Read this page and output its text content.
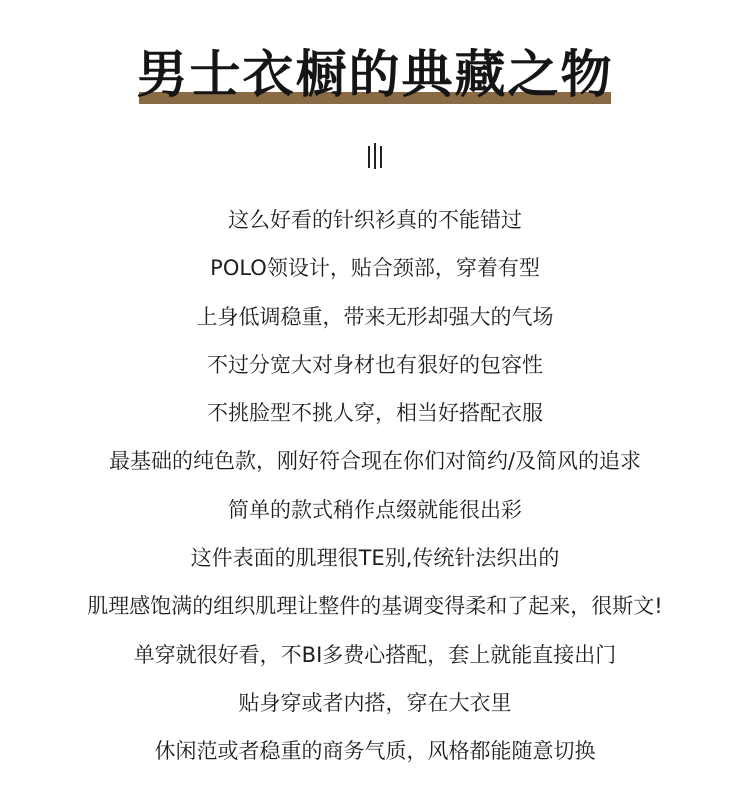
男士衣橱的典藏之物
这么好看的针织衫真的不能错过
POLO领设计，贴合颈部，穿着有型
上身低调稳重，带来无形却强大的气场
不过分宽大对身材也有狠好的包容性
不挑脸型不挑人穿，相当好搭配衣服
最基础的纯色款，刚好符合现在你们对简约/及简风的追求
简单的款式稍作点缀就能很出彩
这件表面的肌理很TE别,传统针法织出的
肌理感饱满的组织肌理让整件的基调变得柔和了起来，很斯文!
单穿就很好看，不BI多费心搭配，套上就能直接出门
贴身穿或者内搭，穿在大衣里
休闲范或者稳重的商务气质，风格都能随意切换
